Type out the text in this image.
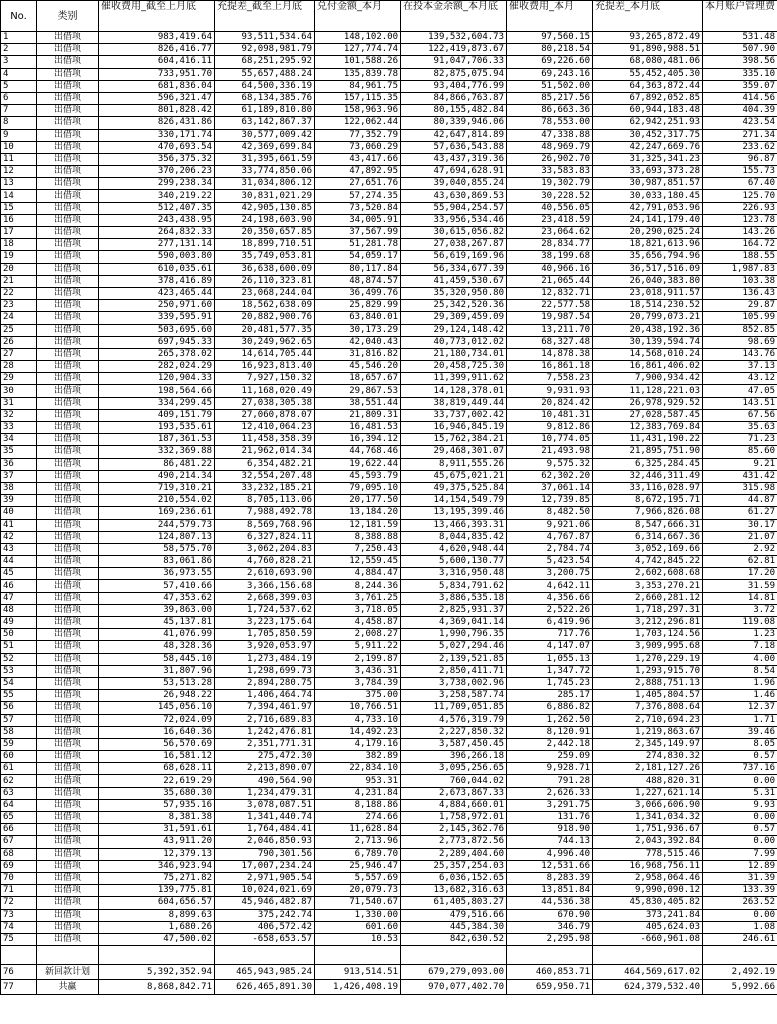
No.	类别	催收费用_截至上月底	充提差_截至上月底	兑付金额_本月	在投本金余额_本月底	催收费用_本月	充提差_本月底	本月账户管理费
1	出借项	983,419.64	93,511,534.64	148,102.00	139,532,604.73	97,560.15	93,265,872.49	531.48
2	出借项	826,416.77	92,098,981.79	127,774.74	122,419,873.67	80,218.54	91,890,988.51	507.90
3	出借项	604,416.11	68,251,295.92	101,588.26	91,047,706.33	69,226.60	68,080,481.06	398.56
4	出借项	733,951.70	55,657,488.24	135,839.78	82,875,075.94	69,243.16	55,452,405.30	335.10
5	出借项	681,836.04	64,500,336.19	84,961.75	93,404,776.99	51,502.00	64,363,872.44	359.07
6	出借项	596,321.47	68,134,385.76	157,115.35	84,866,763.87	85,217.56	67,892,052.85	414.56
7	出借项	801,828.42	61,189,810.80	158,963.96	80,155,482.84	86,663.36	60,944,183.48	404.39
8	出借项	826,431.86	63,142,867.37	122,062.44	80,339,946.06	78,553.00	62,942,251.93	423.54
9	出借项	330,171.74	30,577,009.42	77,352.79	42,647,814.89	47,338.88	30,452,317.75	271.34
10	出借项	470,693.54	42,369,699.84	73,060.29	57,636,543.88	48,969.79	42,247,669.76	233.62
11	出借项	356,375.32	31,395,661.59	43,417.66	43,437,319.36	26,902.70	31,325,341.23	96.87
12	出借项	370,206.23	33,774,850.06	47,892.95	47,694,628.91	33,583.83	33,693,373.28	155.73
13	出借项	299,238.34	31,034,806.12	27,651.76	39,040,855.24	19,302.79	30,987,851.57	67.40
14	出借项	340,219.22	30,831,021.29	57,274.35	43,630,869.53	30,228.52	30,033,180.45	125.70
15	出借项	512,407.35	42,905,130.85	73,520.84	55,904,254.57	40,556.05	42,791,053.96	226.93
16	出借项	243,438.95	24,198,603.90	34,005.91	33,956,534.46	23,418.59	24,141,179.40	123.78
17	出借项	264,832.33	20,350,657.85	37,567.99	30,615,056.82	23,064.62	20,290,025.24	143.26
18	出借项	277,131.14	18,899,710.51	51,281.78	27,038,267.87	28,834.77	18,821,613.96	164.72
19	出借项	590,003.80	35,749,053.81	54,059.17	56,619,169.96	38,199.68	35,656,794.96	188.55
20	出借项	610,035.61	36,638,600.09	80,117.84	56,334,677.39	40,966.16	36,517,516.09	1,987.83
21	出借项	378,416.89	26,110,323.81	48,874.57	41,459,530.67	21,065.44	26,040,383.80	103.38
22	出借项	423,465.44	23,068,244.04	36,499.76	35,320,950.80	12,832.71	23,018,911.57	136.43
23	出借项	250,971.60	18,562,638.09	25,829.99	25,342,520.36	22,577.58	18,514,230.52	29.87
24	出借项	339,595.91	20,882,900.76	63,840.01	29,309,459.09	19,987.54	20,799,073.21	105.99
25	出借项	503,695.60	20,481,577.35	30,173.29	29,124,148.42	13,211.70	20,438,192.36	852.85
26	出借项	697,945.33	30,249,962.65	42,040.43	40,773,012.02	68,327.48	30,139,594.74	98.69
27	出借项	265,378.02	14,614,705.44	31,816.82	21,180,734.01	14,878.38	14,568,010.24	143.76
28	出借项	282,024.29	16,923,813.40	45,546.20	20,458,725.30	16,861.18	16,861,406.02	37.13
29	出借项	120,904.33	7,927,150.32	18,657.67	11,399,911.62	7,558.23	7,900,934.42	43.12
30	出借项	198,564.66	11,168,020.49	29,867.53	14,128,378.01	9,931.93	11,128,221.03	47.05
31	出借项	334,299.45	27,038,305.38	38,551.44	38,819,449.44	20,824.42	26,978,929.52	143.51
32	出借项	409,151.79	27,060,878.07	21,809.31	33,737,002.42	10,481.31	27,028,587.45	67.56
33	出借项	193,535.61	12,410,064.23	16,481.53	16,946,845.19	9,812.86	12,383,769.84	35.63
34	出借项	187,361.53	11,458,358.39	16,394.12	15,762,384.21	10,774.05	11,431,190.22	71.23
35	出借项	332,369.88	21,962,014.34	44,768.46	29,468,301.07	21,493.98	21,895,751.90	85.60
36	出借项	86,481.22	6,354,482.21	19,622.44	8,911,555.26	9,575.32	6,325,284.45	9.21
37	出借项	490,214.34	32,554,207.48	45,593.79	45,675,021.21	62,302.20	32,446,311.49	431.42
38	出借项	719,310.21	33,232,185.21	79,095.10	49,375,525.84	37,061.14	33,116,028.97	315.98
39	出借项	210,554.02	8,705,113.06	20,177.50	14,154,549.79	12,739.85	8,672,195.71	44.87
40	出借项	169,236.61	7,988,492.78	13,184.20	13,195,399.46	8,482.50	7,966,826.08	61.27
41	出借项	244,579.73	8,569,768.96	12,181.59	13,466,393.31	9,921.06	8,547,666.31	30.17
42	出借项	124,807.13	6,327,824.11	8,388.88	8,044,835.42	4,767.87	6,314,667.36	21.07
43	出借项	58,575.70	3,062,204.83	7,250.43	4,620,948.44	2,784.74	3,052,169.66	2.92
44	出借项	83,061.86	4,760,828.21	12,559.45	5,600,130.77	5,423.54	4,742,845.22	62.81
45	出借项	36,973.55	2,610,693.90	4,884.47	3,316,950.48	3,200.75	2,602,608.68	17.20
46	出借项	57,410.66	3,366,156.68	8,244.36	5,834,791.62	4,642.11	3,353,270.21	31.59
47	出借项	47,353.62	2,668,399.03	3,761.25	3,886,535.18	4,356.66	2,660,281.12	14.81
48	出借项	39,863.00	1,724,537.62	3,718.05	2,825,931.37	2,522.26	1,718,297.31	3.72
49	出借项	45,137.81	3,223,175.64	4,458.87	4,369,041.14	6,419.96	3,212,296.81	119.08
50	出借项	41,076.99	1,705,850.59	2,008.27	1,990,796.35	717.76	1,703,124.56	1.23
51	出借项	48,328.36	3,920,053.97	5,911.22	5,027,294.46	4,147.07	3,909,995.68	7.18
52	出借项	58,445.10	1,273,484.19	2,199.87	2,139,521.85	1,055.13	1,270,229.19	4.00
53	出借项	31,807.96	1,298,699.73	3,436.31	2,850,411.71	1,347.72	1,293,915.70	8.54
54	出借项	53,513.28	2,894,280.75	3,784.39	3,738,002.96	1,745.23	2,888,751.13	1.96
55	出借项	26,948.22	1,406,464.74	375.00	3,258,587.74	285.17	1,405,804.57	1.46
56	出借项	145,056.10	7,394,461.97	10,766.51	11,709,051.85	6,886.82	7,376,808.64	12.37
57	出借项	72,024.09	2,716,689.83	4,733.10	4,576,319.79	1,262.50	2,710,694.23	1.71
58	出借项	16,640.36	1,242,476.81	14,492.23	2,227,850.32	8,120.91	1,219,863.67	39.46
59	出借项	56,570.69	2,351,771.31	4,179.16	3,587,450.45	2,442.18	2,345,149.97	8.05
60	出借项	16,581.12	275,472.30	382.89	396,266.18	259.09	274,830.32	0.57
61	出借项	68,628.11	2,213,890.07	22,834.10	3,095,256.65	9,928.71	2,181,127.26	737.16
62	出借项	22,619.29	490,564.90	953.31	760,044.02	791.28	488,820.31	0.00
63	出借项	35,680.30	1,234,479.31	4,231.84	2,673,867.33	2,626.33	1,227,621.14	5.31
64	出借项	57,935.16	3,078,087.51	8,188.86	4,884,660.01	3,291.75	3,066,606.90	9.93
65	出借项	8,381.38	1,341,440.74	274.66	1,758,972.01	131.76	1,341,034.32	0.00
66	出借项	31,591.61	1,764,484.41	11,628.84	2,145,362.76	918.90	1,751,936.67	0.57
67	出借项	43,911.20	2,046,850.93	2,713.96	2,773,872.56	744.13	2,043,392.84	0.00
68	出借项	12,379.13	790,301.56	6,789.70	2,289,404.60	4,996.40	778,515.46	7.99
69	出借项	346,923.94	17,007,234.24	25,946.47	25,357,254.03	12,531.66	16,968,756.11	12.89
70	出借项	75,271.82	2,971,905.54	5,557.69	6,036,152.65	8,283.39	2,958,064.46	31.39
71	出借项	139,775.81	10,024,021.69	20,079.73	13,682,316.63	13,851.84	9,990,090.12	133.39
72	出借项	604,656.57	45,946,482.87	71,540.67	61,405,803.27	44,536.38	45,830,405.82	263.52
73	出借项	8,899.63	375,242.74	1,330.00	479,516.66	670.90	373,241.84	0.00
74	出借项	1,680.26	406,572.42	601.60	445,384.30	346.79	405,624.03	1.08
75	出借项	47,500.02	-658,653.57	10.53	842,630.52	2,295.98	-660,961.08	246.61

76	新回款计划	5,392,352.94	465,943,985.24	913,514.51	679,279,093.00	460,853.71	464,569,617.02	2,492.19
77	共赢	8,868,842.71	626,465,891.30	1,426,408.19	970,077,402.70	659,950.71	624,379,532.40	5,992.66
